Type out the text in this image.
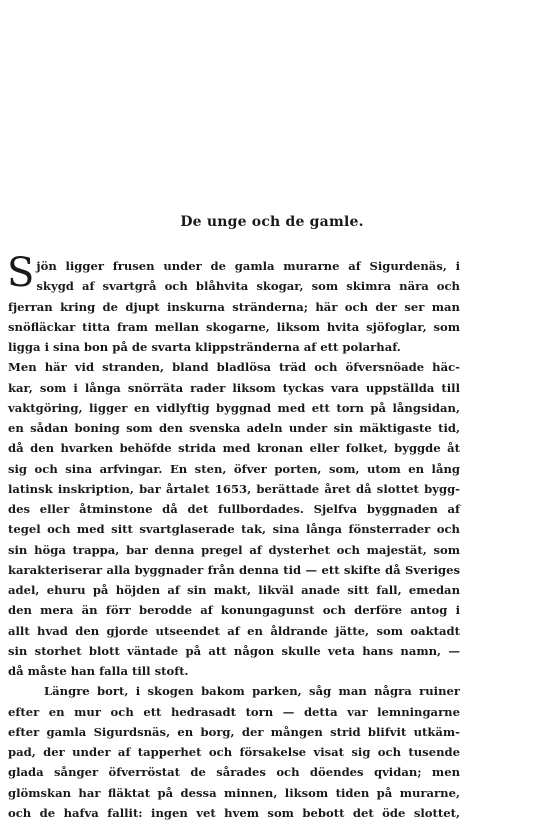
De unge och de gamle.
S jön ligger frusen under de gamla murarne af Sigurdenäs, i
skygd af svartgrå och blåhvita skogar, som skimra nära och
fjerran kring de djupt inskurna stränderna; här och der ser man
snöfläckar titta fram mellan skogarne, liksom hvita sjöfoglar, som
ligga i sina bon på de svarta klippstränderna af ett polarhaf.
Men här vid stranden, bland bladlösa träd och öfversnöade häc-
kar, som i långa snörräta rader liksom tyckas vara uppställda till
vaktgöring, ligger en vidlyftig byggnad med ett torn på långsidan,
en sådan boning som den svenska adeln under sin mäktigaste tid,
då den hvarken behöfde strida med kronan eller folket, byggde åt
sig och sina arfvingar. En sten, öfver porten, som, utom en lång
latinsk inskription, bar årtalet 1653, berättade året då slottet bygg-
des eller åtminstone då det fullbordades. Sjelfva byggnaden af
tegel och med sitt svartglaserade tak, sina långa fönsterrader och
sin höga trappa, bar denna pregel af dysterhet och majestät, som
karakteriserar alla byggnader från denna tid — ett skifte då Sveriges
adel, ehuru på höjden af sin makt, likväl anade sitt fall, emedan
den mera än förr berodde af konungagunst och derföre antog i
allt hvad den gjorde utseendet af en åldrande jätte, som oaktadt
sin storhet blott väntade på att någon skulle veta hans namn, —
då måste han falla till stoft.
Längre bort, i skogen bakom parken, såg man några ruiner
efter en mur och ett hedrasadt torn — detta var lemningarne
efter gamla Sigurdsnäs, en borg, der mången strid blifvit utkäm-
pad, der under af tapperhet och försakelse visat sig och tusende
glada sånger öfverröstat de sårades och döendes qvidan; men
glömskan har fläktat på dessa minnen, liksom tiden på murarne,
och de hafva fallit: ingen vet hvem som bebott det öde slottet,
